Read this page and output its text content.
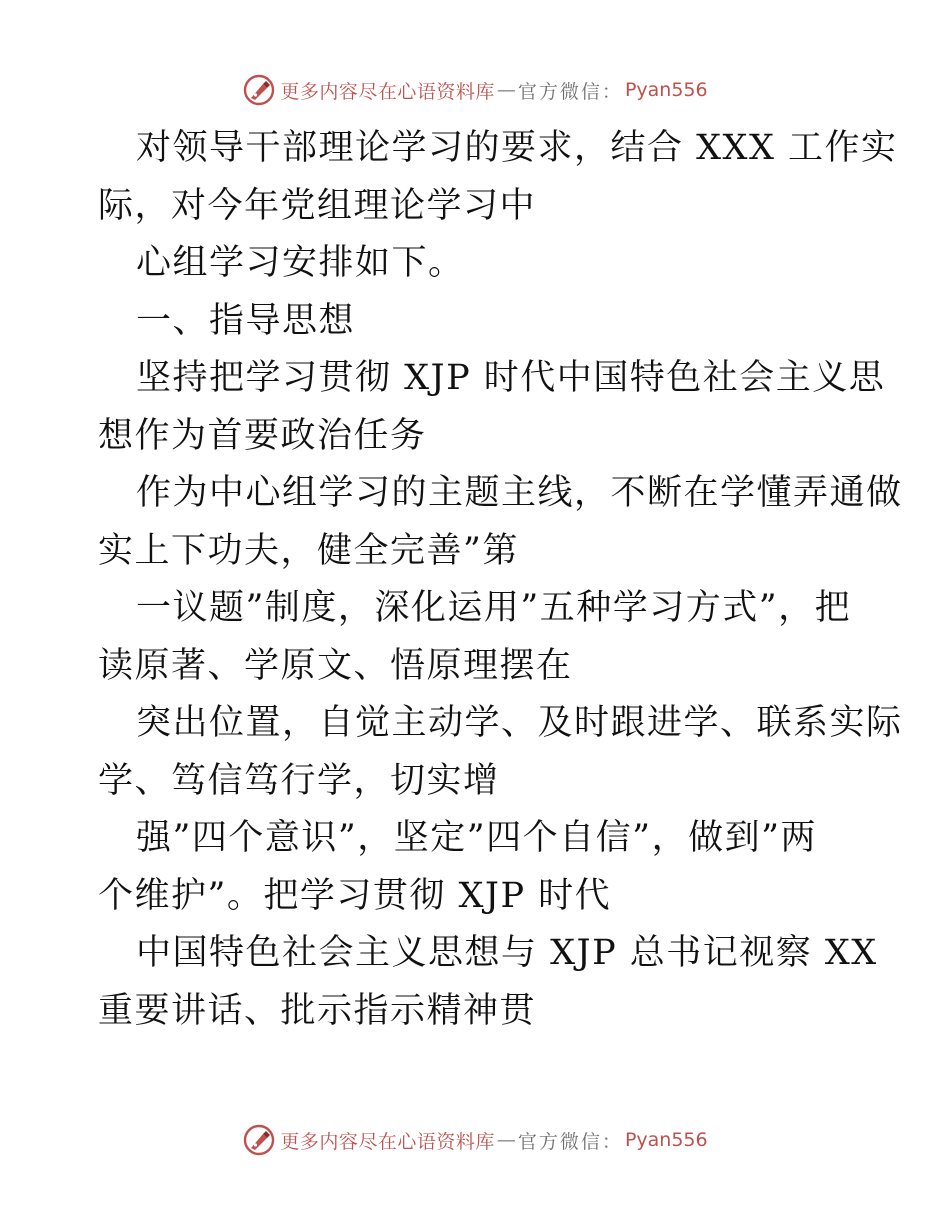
更多内容尽在心语资料库 — 官方微信 ： Pyan556

对领导干部理论学习的要求，结合 XXX 工作实

际，对今年党组理论学习中

心组学习安排如下。

一、指导思想

坚持把学习贯彻 XJP 时代中国特色社会主义思

想作为首要政治任务

作为中心组学习的主题主线，不断在学懂弄通做

实上下功夫，健全完善”第

一议题”制度，深化运用”五种学习方式”，把

读原著、学原文、悟原理摆在

突出位置，自觉主动学、及时跟进学、联系实际

学、笃信笃行学，切实增

强”四个意识”，坚定”四个自信”，做到”两

个维护”。把学习贯彻 XJP 时代

中国特色社会主义思想与 XJP 总书记视察 XX

重要讲话、批示指示精神贯

更多内容尽在心语资料库 — 官方微信 ： Pyan556
